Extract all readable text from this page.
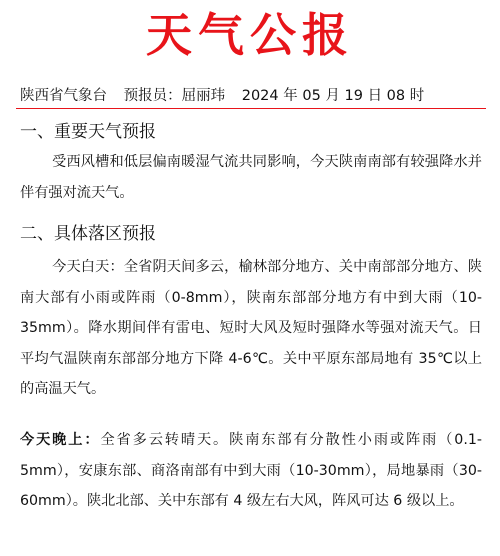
天气公报
陕西省气象台 预报员：屈丽玮 2024 年 05 月 19 日 08 时
一、重要天气预报
受西风槽和低层偏南暖湿气流共同影响，今天陕南南部有较强降水并伴有强对流天气。
二、具体落区预报
今天白天：全省阴天间多云，榆林部分地方、关中南部部分地方、陕南大部有小雨或阵雨（0-8mm），陕南东部部分地方有中到大雨（10-35mm）。降水期间伴有雷电、短时大风及短时强降水等强对流天气。日平均气温陕南东部部分地方下降 4-6℃。关中平原东部局地有 35℃以上的高温天气。
今天晚上：全省多云转晴天。陕南东部有分散性小雨或阵雨（0.1-5mm），安康东部、商洛南部有中到大雨（10-30mm），局地暴雨（30-60mm）。陕北北部、关中东部有 4 级左右大风，阵风可达 6 级以上。
